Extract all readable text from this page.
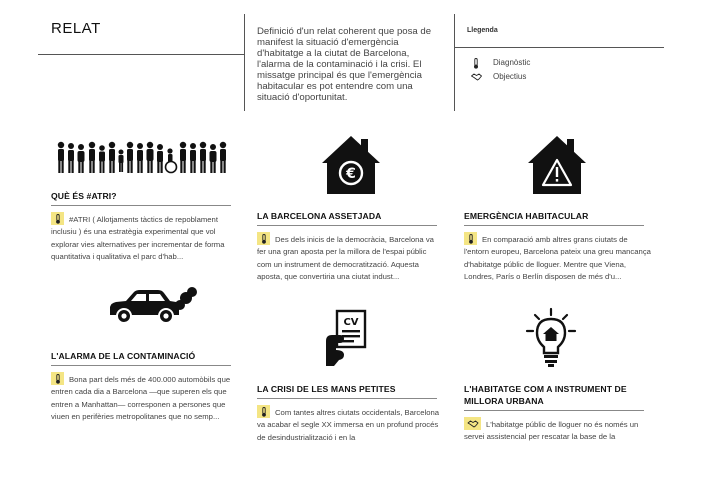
RELAT	Definició d'un relat coherent que posa de manifest la situació d'emergència d'habitatge a la ciutat de Barcelona, l'alarma de la contaminació i la crisi. El missatge principal és que l'emergència habitacular es pot entendre com una situació d'oportunitat.
Llegenda
Diagnòstic
Objectius
QUÈ ÉS #ATRI?
#ATRI ( Allotjaments tàctics de repoblament inclusiu ) és una estratègia experimental que vol explorar vies alternatives per incrementar de forma quantitativa i qualitativa el parc d'hab...
€
LA BARCELONA ASSETJADA
Des dels inicis de la democràcia, Barcelona va fer una gran aposta per la millora de l'espai públic com un instrument de democratització. Aquesta aposta, que convertiria una ciutat indust...
EMERGÈNCIA HABITACULAR
En comparació amb altres grans ciutats de l'entorn europeu, Barcelona pateix una greu mancança d'habitatge públic de lloguer. Mentre que Viena, Londres, París o Berlín disposen de més d'u...
L'ALARMA DE LA CONTAMINACIÓ
Bona part dels més de 400.000 automòbils que entren cada dia a Barcelona —que superen els que entren a Manhattan— corresponen a persones que viuen en perifèries metropolitanes que no semp...
CV
LA CRISI DE LES MANS PETITES
Com tantes altres ciutats occidentals, Barcelona va acabar el segle XX immersa en un profund procés de desindustrialització i en la
L'HABITATGE COM A INSTRUMENT DE MILLORA URBANA
L'habitatge públic de lloguer no és només un servei assistencial per rescatar la base de la
